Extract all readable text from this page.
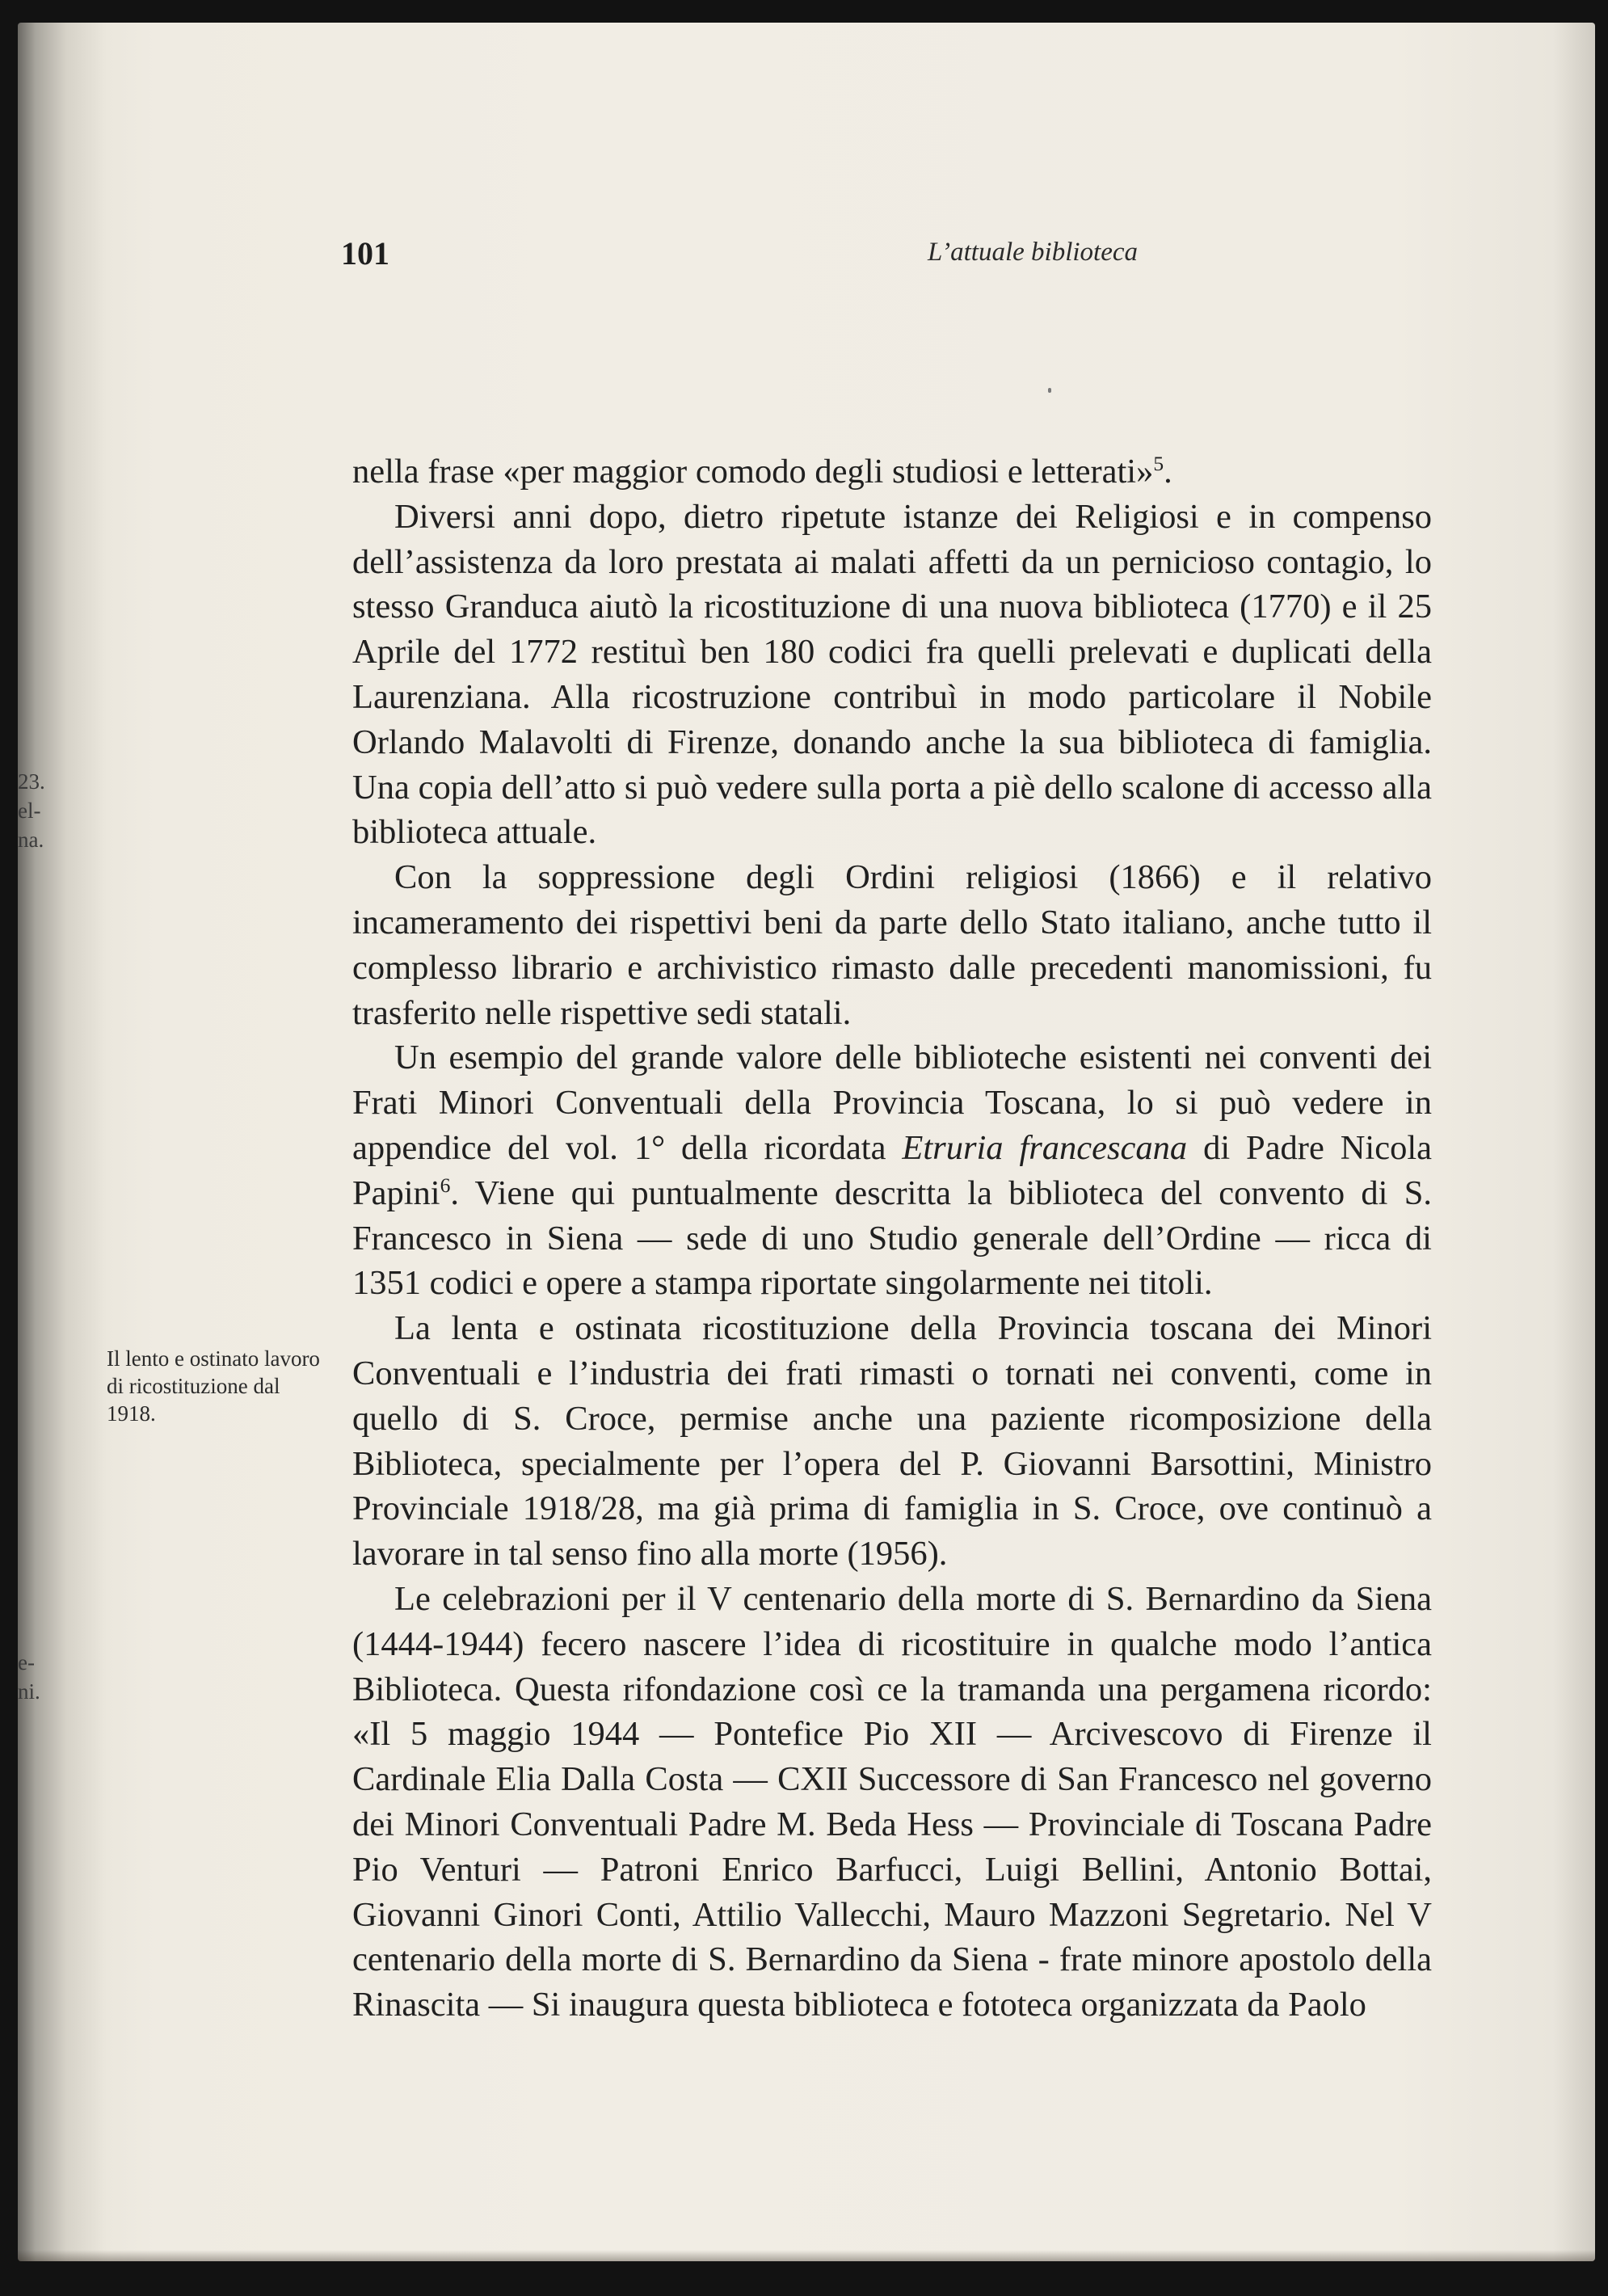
101	L’attuale biblioteca
23.
el-
na.
e-
ni.
Il lento e ostinato lavoro di ricostituzione dal 1918.

nella frase «per maggior comodo degli studiosi e letterati»$^5$.

Diversi anni dopo, dietro ripetute istanze dei Religiosi e in compenso dell’assistenza da loro prestata ai malati affetti da un pernicioso contagio, lo stesso Granduca aiutò la ricostituzione di una nuova biblioteca (1770) e il 25 Aprile del 1772 restituì ben 180 codici fra quelli prelevati e duplicati della Laurenziana. Alla ricostruzione contribuì in modo particolare il Nobile Orlando Malavolti di Firenze, donando anche la sua biblioteca di famiglia. Una copia dell’atto si può vedere sulla porta a piè dello scalone di accesso alla biblioteca attuale.

Con la soppressione degli Ordini religiosi (1866) e il relativo incameramento dei rispettivi beni da parte dello Stato italiano, anche tutto il complesso librario e archivistico rimasto dalle precedenti manomissioni, fu trasferito nelle rispettive sedi statali.

Un esempio del grande valore delle biblioteche esistenti nei conventi dei Frati Minori Conventuali della Provincia Toscana, lo si può vedere in appendice del vol. 1° della ricordata Etruria francescana di Padre Nicola Papini$^6$. Viene qui puntualmente descritta la biblioteca del convento di S. Francesco in Siena — sede di uno Studio generale dell’Ordine — ricca di 1351 codici e opere a stampa riportate singolarmente nei titoli.

La lenta e ostinata ricostituzione della Provincia toscana dei Minori Conventuali e l’industria dei frati rimasti o tornati nei conventi, come in quello di S. Croce, permise anche una paziente ricomposizione della Biblioteca, specialmente per l’opera del P. Giovanni Barsottini, Ministro Provinciale 1918/28, ma già prima di famiglia in S. Croce, ove continuò a lavorare in tal senso fino alla morte (1956).

Le celebrazioni per il V centenario della morte di S. Bernardino da Siena (1444-1944) fecero nascere l’idea di ricostituire in qualche modo l’antica Biblioteca. Questa rifondazione così ce la tramanda una pergamena ricordo: «Il 5 maggio 1944 — Pontefice Pio XII — Arcivescovo di Firenze il Cardinale Elia Dalla Costa — CXII Successore di San Francesco nel governo dei Minori Conventuali Padre M. Beda Hess — Provinciale di Toscana Padre Pio Venturi — Patroni Enrico Barfucci, Luigi Bellini, Antonio Bottai, Giovanni Ginori Conti, Attilio Vallecchi, Mauro Mazzoni Segretario. Nel V centenario della morte di S. Bernardino da Siena - frate minore apostolo della Rinascita — Si inaugura questa biblioteca e fototeca organizzata da Paolo
